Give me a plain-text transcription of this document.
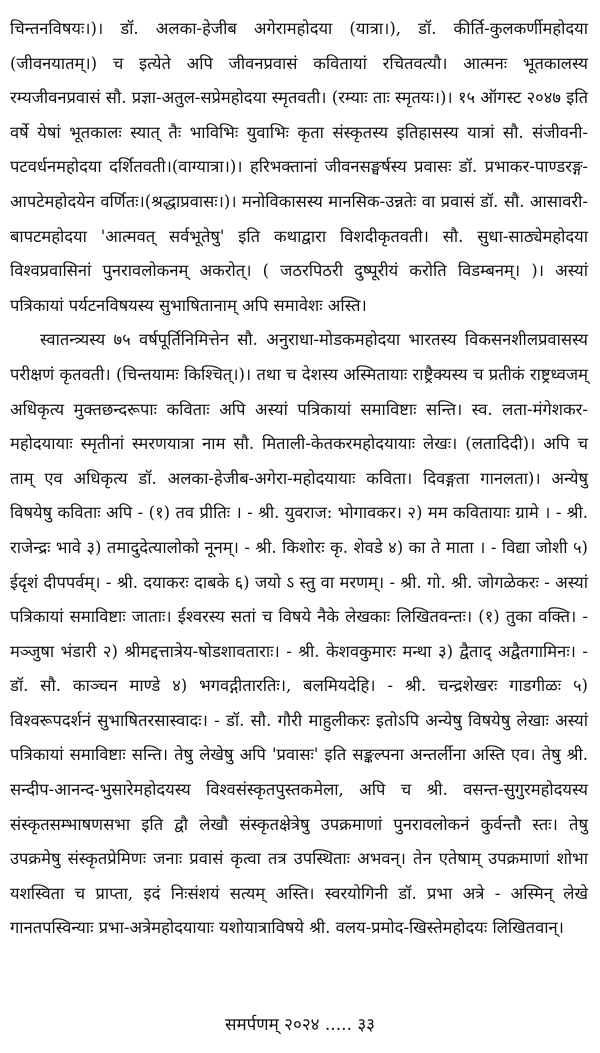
चिन्तनविषयः।)। डॉ. अलका-हेजीब अगेरामहोदया (यात्रा।), डॉ. कीर्ति-कुलकर्णीमहोदया (जीवनयातम्।) च इत्येते अपि जीवनप्रवासं कवितायां रचितवत्यौ। आत्मनः भूतकालस्य रम्यजीवनप्रवासं सौ. प्रज्ञा-अतुल-सप्रेमहोदया स्मृतवती। (रम्याः ताः स्मृतयः।)। १५ ऑगस्ट २०४७ इति वर्षे येषां भूतकालः स्यात् तैः भाविभिः युवाभिः कृता संस्कृतस्य इतिहासस्य यात्रां सौ. संजीवनी-पटवर्धनमहोदया दर्शितवती।(वाग्यात्रा।)। हरिभक्तानां जीवनसङ्घर्षस्य प्रवासः डॉ. प्रभाकर-पाण्डरङ्ग-आपटेमहोदयेन वर्णितः।(श्रद्धाप्रवासः।)। मनोविकासस्य मानसिक-उन्नतेः वा प्रवासं डॉ. सौ. आसावरी-बापटमहोदया 'आत्मवत् सर्वभूतेषु' इति कथाद्वारा विशदीकृतवती। सौ. सुधा-साठ्येमहोदया विश्वप्रवासिनां पुनरावलोकनम् अकरोत्। ( जठरपिठरी दुष्पूरीयं करोति विडम्बनम्। )। अस्यां पत्रिकायां पर्यटनविषयस्य सुभाषितानाम् अपि समावेशः अस्ति।

स्वातन्त्र्यस्य ७५ वर्षपूर्तिनिमित्तेन सौ. अनुराधा-मोडकमहोदया भारतस्य विकसनशीलप्रवासस्य परीक्षणं कृतवती। (चिन्तयामः किश्चित्।)। तथा च देशस्य अस्मितायाः राष्ट्रैक्यस्य च प्रतीकं राष्ट्रध्वजम् अधिकृत्य मुक्तछन्दरूपाः कविताः अपि अस्यां पत्रिकायां समाविष्टाः सन्ति। स्व. लता-मंगेशकर-महोदयायाः स्मृतीनां स्मरणयात्रा नाम सौ. मिताली-केतकरमहोदयायाः लेखः। (लतादिदी)। अपि च ताम् एव अधिकृत्य डॉ. अलका-हेजीब-अगेरा-महोदयायाः कविता। दिवङ्गता गानलता)। अन्येषु विषयेषु कविताः अपि - (१) तव प्रीतिः । - श्री. युवराज: भोगावकर। २) मम कवितायाः ग्रामे । - श्री. राजेन्द्रः भावे ३) तमादुदेत्यालोको नूनम्। - श्री. किशोरः कृ. शेवडे ४) का ते माता । - विद्या जोशी ५) ईदृशं दीपपर्वम्। - श्री. दयाकरः दाबके ६) जयो ऽ स्तु वा मरणम्। - श्री. गो. श्री. जोगळेकरः - अस्यां पत्रिकायां समाविष्टाः जाताः। ईश्वरस्य सतां च विषये नैके लेखकाः लिखितवन्तः। (१) तुका वक्ति। - मञ्जुषा भंडारी २) श्रीमद्दत्तात्रेय-षोडशावताराः। - श्री. केशवकुमारः मन्था ३) द्वैताद् अद्वैतगामिनः। - डॉ. सौ. काञ्चन माण्डे ४) भगवद्गीतारतिः।, बलमियदेहि। - श्री. चन्द्रशेखरः गाडगीळः ५) विश्वरूपदर्शनं सुभाषितरसास्वादः। - डॉ. सौ. गौरी माहुलीकरः इतोऽपि अन्येषु विषयेषु लेखाः अस्यां पत्रिकायां समाविष्टाः सन्ति। तेषु लेखेषु अपि 'प्रवासः' इति सङ्कल्पना अन्तर्लीना अस्ति एव। तेषु श्री. सन्दीप-आनन्द-भुसारेमहोदयस्य विश्वसंस्कृतपुस्तकमेला, अपि च श्री. वसन्त-सुगुरमहोदयस्य संस्कृतसम्भाषणसभा इति द्वौ लेखौ संस्कृतक्षेत्रेषु उपक्रमाणां पुनरावलोकनं कुर्वन्तौ स्तः। तेषु उपक्रमेषु संस्कृतप्रेमिणः जनाः प्रवासं कृत्वा तत्र उपस्थिताः अभवन्। तेन एतेषाम् उपक्रमाणां शोभा यशस्विता च प्राप्ता, इदं निःसंशयं सत्यम् अस्ति। स्वरयोगिनी डॉ. प्रभा अत्रे - अस्मिन् लेखे गानतपस्विन्याः प्रभा-अत्रेमहोदयायाः यशोयात्राविषये श्री. वलय-प्रमोद-खिस्तेमहोदयः लिखितवान्।

समर्पणम् २०२४ ..... ३३
